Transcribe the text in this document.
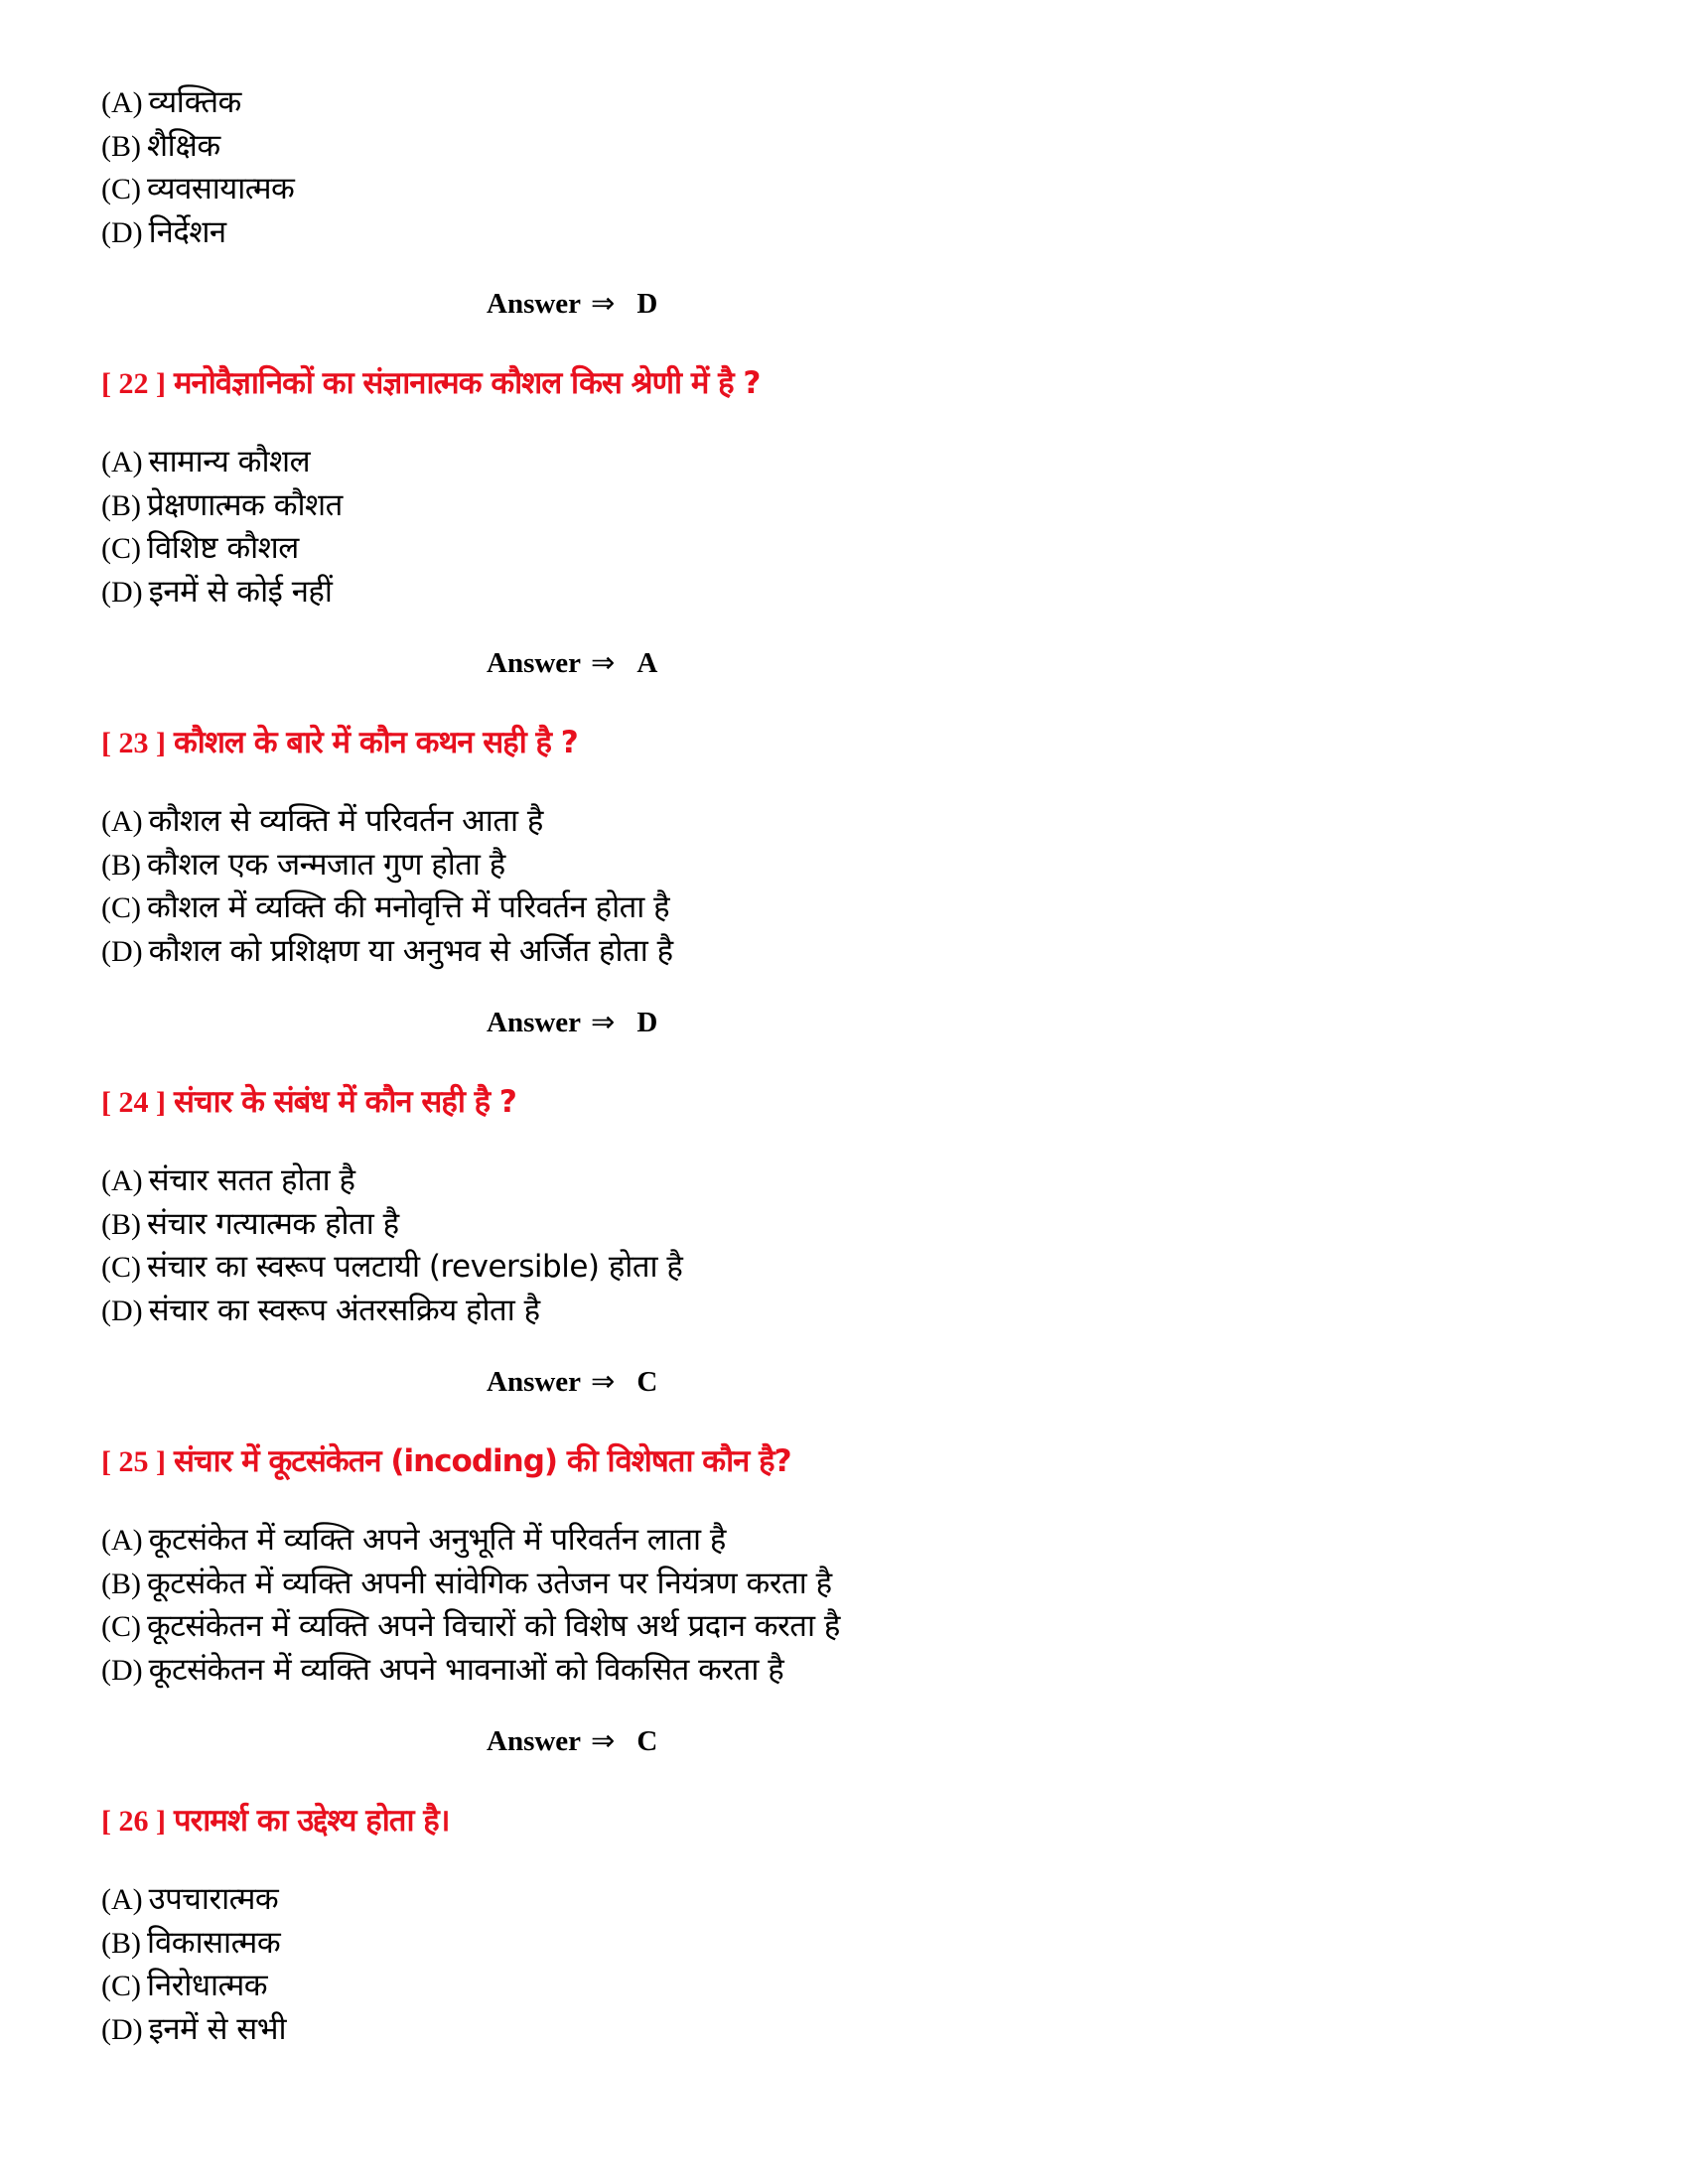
(A) व्यक्तिक
(B) शैक्षिक
(C) व्यवसायात्मक
(D) निर्देशन
Answer ⇒ D
[ 22 ] मनोवैज्ञानिकों का संज्ञानात्मक कौशल किस श्रेणी में है ?
(A) सामान्य कौशल
(B) प्रेक्षणात्मक कौशत
(C) विशिष्ट कौशल
(D) इनमें से कोई नहीं
Answer ⇒ A
[ 23 ] कौशल के बारे में कौन कथन सही है ?
(A) कौशल से व्यक्ति में परिवर्तन आता है
(B) कौशल एक जन्मजात गुण होता है
(C) कौशल में व्यक्ति की मनोवृत्ति में परिवर्तन होता है
(D) कौशल को प्रशिक्षण या अनुभव से अर्जित होता है
Answer ⇒ D
[ 24 ] संचार के संबंध में कौन सही है ?
(A) संचार सतत होता है
(B) संचार गत्यात्मक होता है
(C) संचार का स्वरूप पलटायी (reversible) होता है
(D) संचार का स्वरूप अंतरसक्रिय होता है
Answer ⇒ C
[ 25 ] संचार में कूटसंकेतन (incoding) की विशेषता कौन है?
(A) कूटसंकेत में व्यक्ति अपने अनुभूति में परिवर्तन लाता है
(B) कूटसंकेत में व्यक्ति अपनी सांवेगिक उतेजन पर नियंत्रण करता है
(C) कूटसंकेतन में व्यक्ति अपने विचारों को विशेष अर्थ प्रदान करता है
(D) कूटसंकेतन में व्यक्ति अपने भावनाओं को विकसित करता है
Answer ⇒ C
[ 26 ] परामर्श का उद्देश्य होता है।
(A) उपचारात्मक
(B) विकासात्मक
(C) निरोधात्मक
(D) इनमें से सभी
